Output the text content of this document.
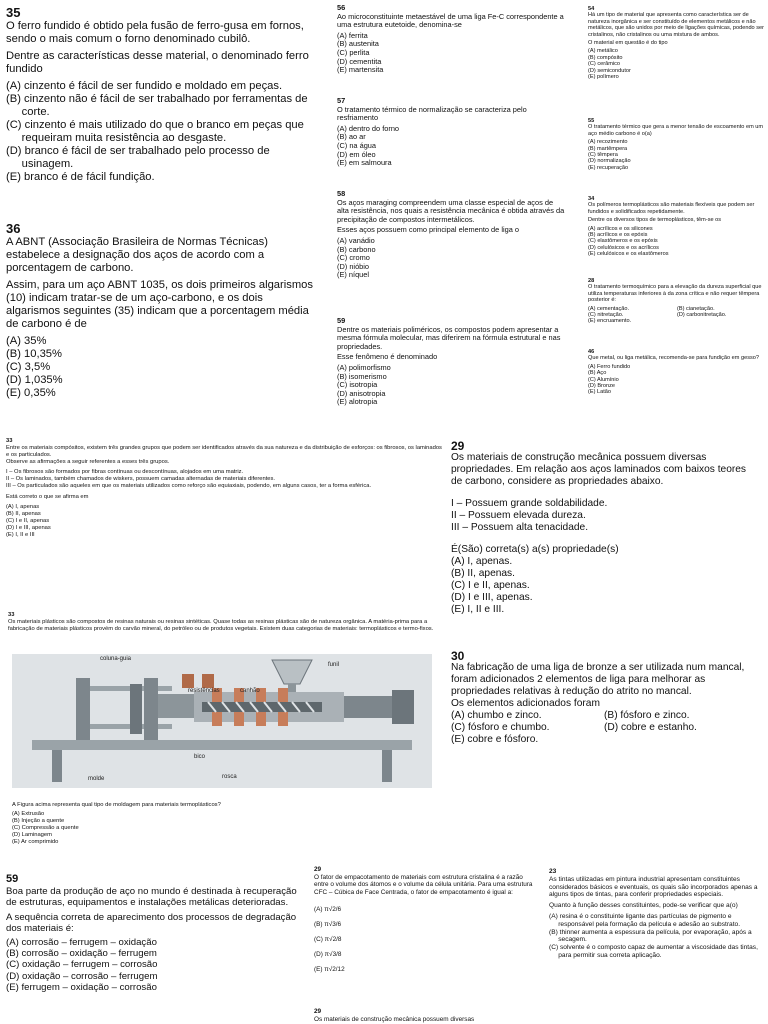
35
O ferro fundido é obtido pela fusão de ferro-gusa em fornos, sendo o mais comum o forno denominado cubilô.
Dentre as características desse material, o denominado ferro fundido
(A) cinzento é fácil de ser fundido e moldado em peças.
(B) cinzento não é fácil de ser trabalhado por ferramentas de corte.
(C) cinzento é mais utilizado do que o branco em peças que requeiram muita resistência ao desgaste.
(D) branco é fácil de ser trabalhado pelo processo de usinagem.
(E) branco é de fácil fundição.
36
A ABNT (Associação Brasileira de Normas Técnicas) estabelece a designação dos aços de acordo com a porcentagem de carbono.
Assim, para um aço ABNT 1035, os dois primeiros algarismos (10) indicam tratar-se de um aço-carbono, e os dois algarismos seguintes (35) indicam que a porcentagem média de carbono é de
(A) 35%
(B) 10,35%
(C) 3,5%
(D) 1,035%
(E) 0,35%
56
Ao microconstituinte metaestável de uma liga Fe-C correspondente a uma estrutura eutetoide, denomina-se
(A) ferrita
(B) austenita
(C) perlita
(D) cementita
(E) martensita
57
O tratamento térmico de normalização se caracteriza pelo resfriamento
(A) dentro do forno
(B) ao ar
(C) na água
(D) em óleo
(E) em salmoura
58
Os aços maraging compreendem uma classe especial de aços de alta resistência, nos quais a resistência mecânica é obtida através da precipitação de compostos intermetálicos.
Esses aços possuem como principal elemento de liga o
(A) vanádio
(B) carbono
(C) cromo
(D) nióbio
(E) níquel
59
Dentre os materiais poliméricos, os compostos podem apresentar a mesma fórmula molecular, mas diferirem na fórmula estrutural e nas propriedades.
Esse fenômeno é denominado
(A) polimorfismo
(B) isomerismo
(C) isotropia
(D) anisotropia
(E) alotropia
54
Há um tipo de material que apresenta como característica ser de natureza inorgânica e ser constituído de elementos metálicos e não metálicos, que são unidos por meio de ligações químicas, podendo ser cristalinos, não cristalinos ou uma mistura de ambos.
O material em questão é do tipo
(A) metálico
(B) compósito
(C) cerâmico
(D) semicondutor
(E) polímero
55
O tratamento térmico que gera a menor tensão de escoamento em um aço médio carbono é o(a)
(A) recozimento
(B) martêmpera
(C) têmpera
(D) normalização
(E) recuperação
34
Os polímeros termoplásticos são materiais flexíveis que podem ser fundidos e solidificados repetidamente.
Dentre os diversos tipos de termoplásticos, têm-se os
(A) acrílicos e os silicones
(B) acrílicos e os epóxis
(C) elastômeros e os epóxis
(D) celulósicos e os acrílicos
(E) celulósicos e os elastômeros
28
O tratamento termoquímico para a elevação da dureza superficial que utiliza temperaturas inferiores à da zona crítica e não requer têmpera posterior é:
(A) cementação.
(C) nitretação.
(E) encruamento.
(B) cianetação.
(D) carbonitretação.
46
Que metal, ou liga metálica, recomenda-se para fundição em gesso?
(A) Ferro fundido
(B) Aço
(C) Alumínio
(D) Bronze
(E) Latão
33
Entre os materiais compósitos, existem três grandes grupos que podem ser identificados através da sua natureza e da distribuição de esforços: os fibrosos, os laminados e os particulados.
Observe as afirmações a seguir referentes a esses três grupos.
I – Os fibrosos são formados por fibras contínuas ou descontínuas, alojados em uma matriz.
II – Os laminados, também chamados de wiskers, possuem camadas alternadas de materiais diferentes.
III – Os particulados são aqueles em que os materiais utilizados como reforço são equiaxiais, podendo, em alguns casos, ter a forma esférica.
Está correto o que se afirma em
(A) I, apenas
(B) II, apenas
(C) I e II, apenas
(D) I e III, apenas
(E) I, II e III
33
Os materiais plásticos são compostos de resinas naturais ou resinas sintéticas. Quase todas as resinas plásticas são de natureza orgânica. A matéria-prima para a fabricação de materiais plásticos provém do carvão mineral, do petróleo ou de produtos vegetais. Existem duas categorias de materiais: termoplásticos e termo-fixos.
coluna-guia
funil
resistências	canhão
bico
rosca
molde
A Figura acima representa qual tipo de moldagem para materiais termoplásticos?
(A) Extrusão
(B) Injeção a quente
(C) Compressão a quente
(D) Laminagem
(E) Ar comprimido
29
Os materiais de construção mecânica possuem diversas propriedades. Em relação aos aços laminados com baixos teores de carbono, considere as propriedades abaixo.
I – Possuem grande soldabilidade.
II – Possuem elevada dureza.
III – Possuem alta tenacidade.
É(São) correta(s) a(s) propriedade(s)
(A) I, apenas.
(B) II, apenas.
(C) I e II, apenas.
(D) I e III, apenas.
(E) I, II e III.
30
Na fabricação de uma liga de bronze a ser utilizada num mancal, foram adicionados 2 elementos de liga para melhorar as propriedades relativas à redução do atrito no mancal.
Os elementos adicionados foram
(A) chumbo e zinco.
(C) fósforo e chumbo.
(E) cobre e fósforo.
(B) fósforo e zinco.
(D) cobre e estanho.
59
Boa parte da produção de aço no mundo é destinada à recuperação de estruturas, equipamentos e instalações metálicas deterioradas.
A sequência correta de aparecimento dos processos de degradação dos materiais é:
(A) corrosão – ferrugem – oxidação
(B) corrosão – oxidação – ferrugem
(C) oxidação – ferrugem – corrosão
(D) oxidação – corrosão – ferrugem
(E) ferrugem – oxidação – corrosão
29
O fator de empacotamento de materiais com estrutura cristalina é a razão entre o volume dos átomos e o volume da célula unitária. Para uma estrutura CFC – Cúbica de Face Centrada, o fator de empacotamento é igual a:
(A) π√2/6
(B) π√3/6
(C) π√2/8
(D) π√3/8
(E) π√2/12
29
Os materiais de construção mecânica possuem diversas
23
As tintas utilizadas em pintura industrial apresentam constituintes considerados básicos e eventuais, os quais são incorporados apenas a alguns tipos de tintas, para conferir propriedades especiais.
Quanto à função desses constituintes, pode-se verificar que a(o)
(A) resina é o constituinte ligante das partículas de pigmento e responsável pela formação da película e adesão ao substrato.
(B) thinner aumenta a espessura da película, por evaporação, após a secagem.
(C) solvente é o composto capaz de aumentar a viscosidade das tintas, para permitir sua correta aplicação.
